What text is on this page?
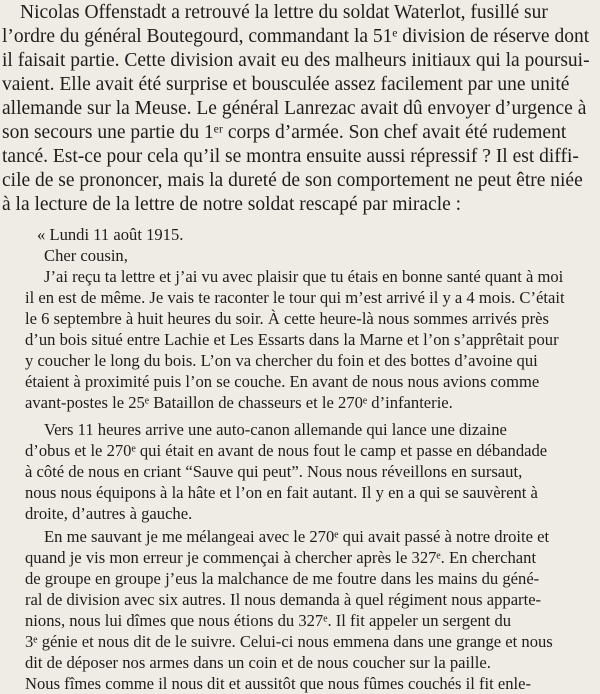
Nicolas Offenstadt a retrouvé la lettre du soldat Waterlot, fusillé sur
l’ordre du général Boutegourd, commandant la 51ᵉ division de réserve dont
il faisait partie. Cette division avait eu des malheurs initiaux qui la poursui-
vaient. Elle avait été surprise et bousculée assez facilement par une unité
allemande sur la Meuse. Le général Lanrezac avait dû envoyer d’urgence à
son secours une partie du 1ᵉʳ corps d’armée. Son chef avait été rudement
tancé. Est-ce pour cela qu’il se montra ensuite aussi répressif ? Il est diffi-
cile de se prononcer, mais la dureté de son comportement ne peut être niée
à la lecture de la lettre de notre soldat rescapé par miracle :
« Lundi 11 août 1915.
Cher cousin,
J’ai reçu ta lettre et j’ai vu avec plaisir que tu étais en bonne santé quant à moi
il en est de même. Je vais te raconter le tour qui m’est arrivé il y a 4 mois. C’était
le 6 septembre à huit heures du soir. À cette heure-là nous sommes arrivés près
d’un bois situé entre Lachie et Les Essarts dans la Marne et l’on s’apprêtait pour
y coucher le long du bois. L’on va chercher du foin et des bottes d’avoine qui
étaient à proximité puis l’on se couche. En avant de nous nous avions comme
avant-postes le 25ᵉ Bataillon de chasseurs et le 270ᵉ d’infanterie.
Vers 11 heures arrive une auto-canon allemande qui lance une dizaine
d’obus et le 270ᵉ qui était en avant de nous fout le camp et passe en débandade
à côté de nous en criant “Sauve qui peut”. Nous nous réveillons en sursaut,
nous nous équipons à la hâte et l’on en fait autant. Il y en a qui se sauvèrent à
droite, d’autres à gauche.
En me sauvant je me mélangeai avec le 270ᵉ qui avait passé à notre droite et
quand je vis mon erreur je commençai à chercher après le 327ᵉ. En cherchant
de groupe en groupe j’eus la malchance de me foutre dans les mains du géné-
ral de division avec six autres. Il nous demanda à quel régiment nous apparte-
nions, nous lui dîmes que nous étions du 327ᵉ. Il fit appeler un sergent du
3ᵉ génie et nous dit de le suivre. Celui-ci nous emmena dans une grange et nous
dit de déposer nos armes dans un coin et de nous coucher sur la paille.
Nous fîmes comme il nous dit et aussitôt que nous fûmes couchés il fit enle-
